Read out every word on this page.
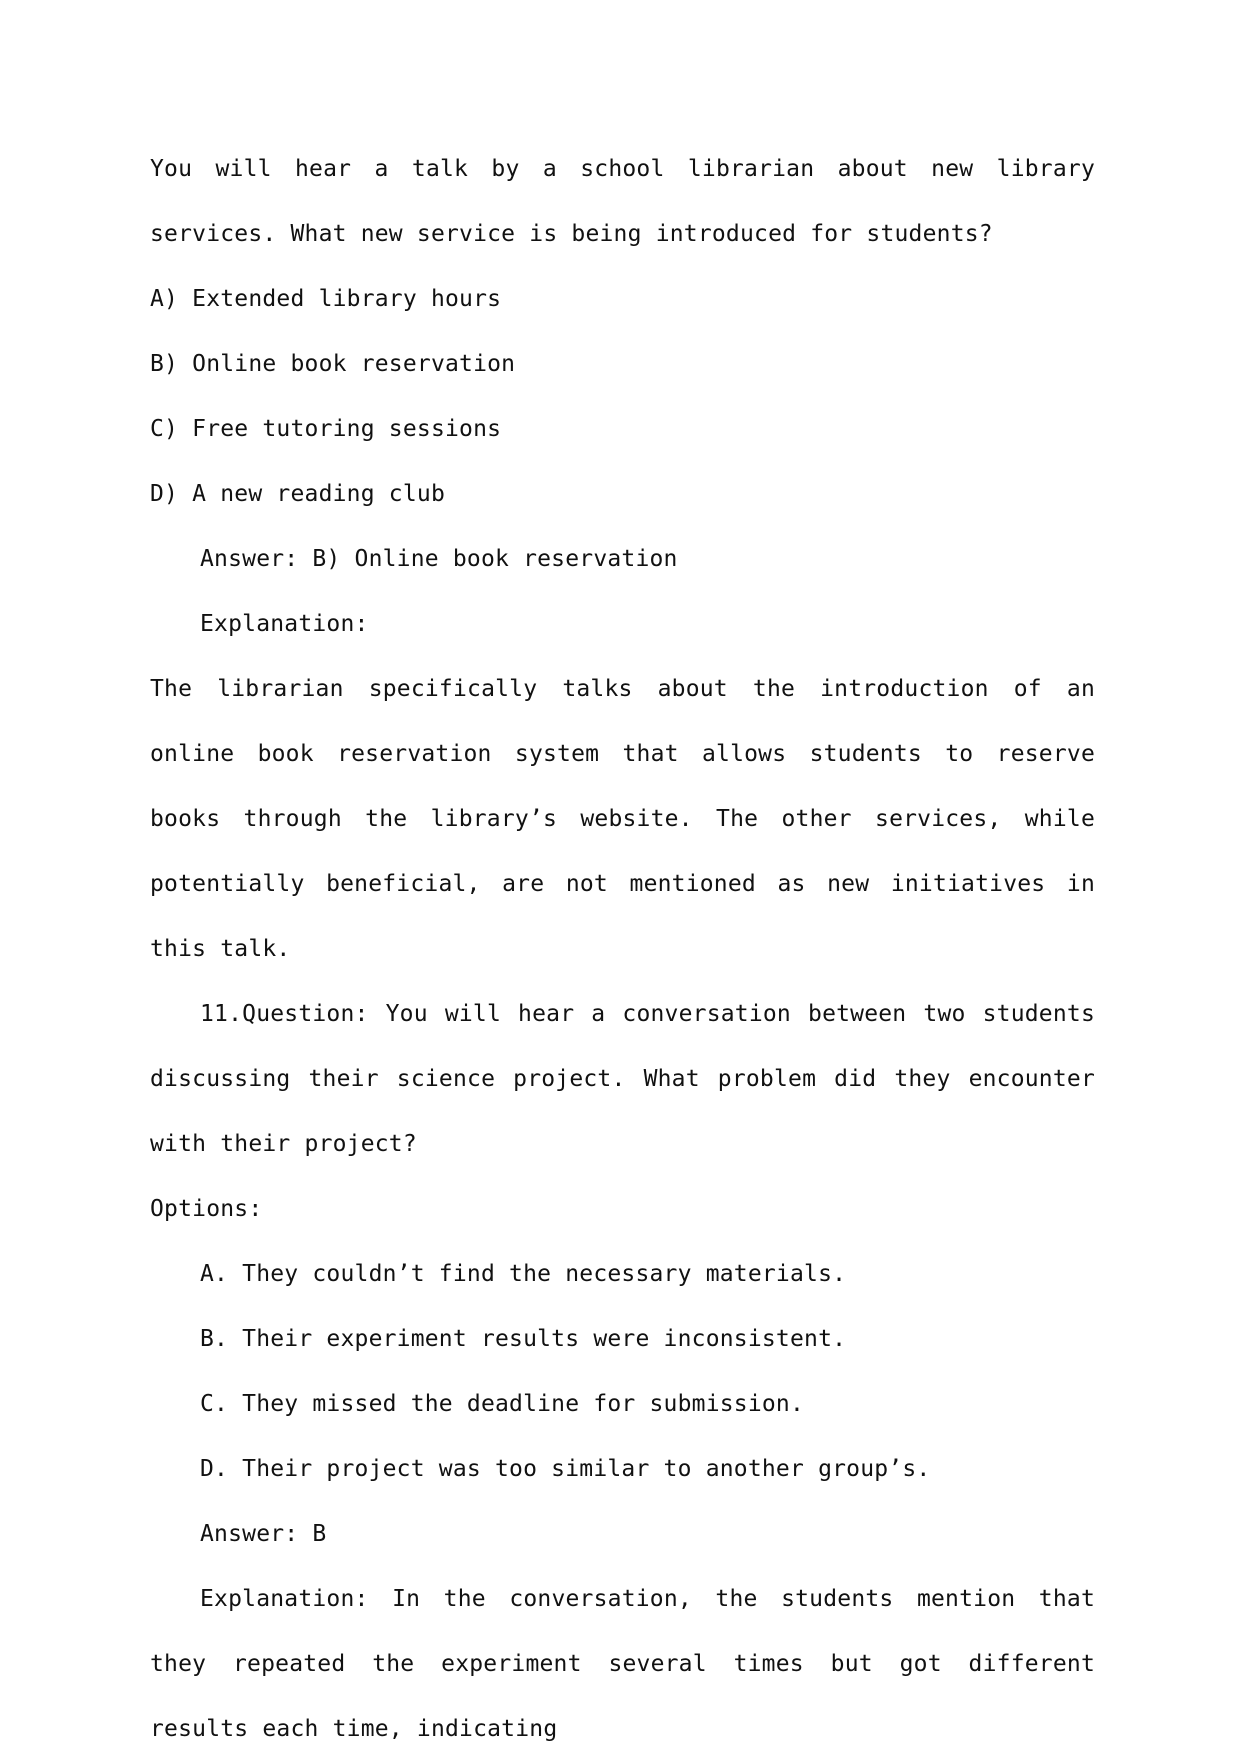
You will hear a talk by a school librarian about new library services. What new service is being introduced for students?

A) Extended library hours

B) Online book reservation

C) Free tutoring sessions

D) A new reading club

Answer: B) Online book reservation

Explanation:

The librarian specifically talks about the introduction of an online book reservation system that allows students to reserve books through the library’s website. The other services, while potentially beneficial, are not mentioned as new initiatives in this talk.

11.Question: You will hear a conversation between two students discussing their science project. What problem did they encounter with their project?

Options:

A. They couldn’t find the necessary materials.

B. Their experiment results were inconsistent.

C. They missed the deadline for submission.

D. Their project was too similar to another group’s.

Answer: B

Explanation: In the conversation, the students mention that they repeated the experiment several times but got different results each time, indicating
